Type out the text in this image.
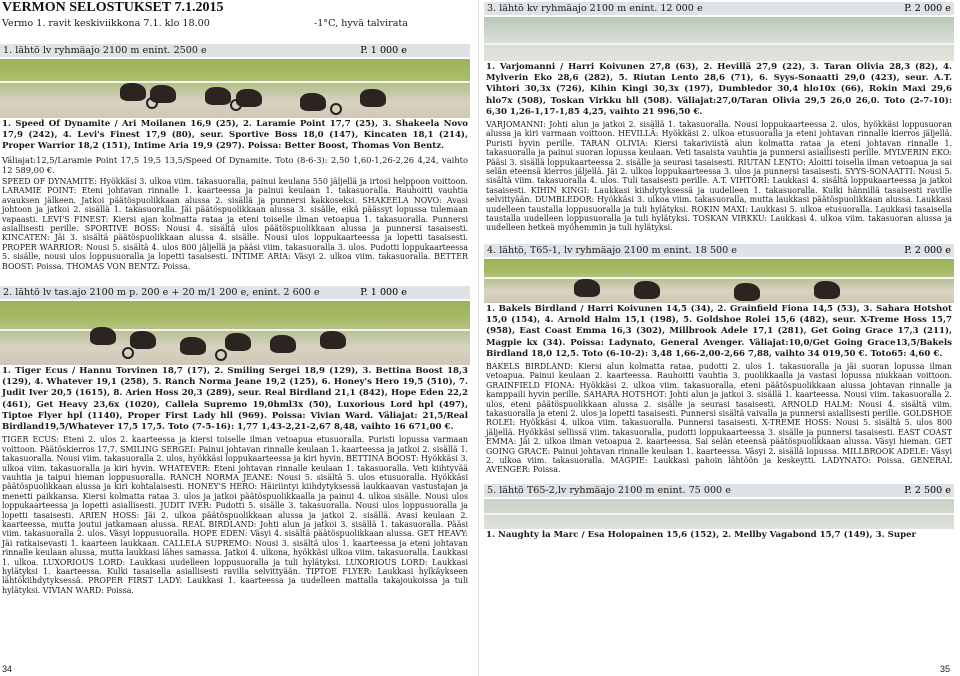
VERMON SELOSTUKSET 7.1.2015
Vermo 1. ravit keskiviikkona 7.1. klo 18.00	-1°C, hyvä talvirata
1. lähtö lv ryhmäajo 2100 m enint. 2500 e	P. 1 000 e
1. Speed Of Dynamite / Ari Moilanen 16,9 (25), 2. Laramie Point 17,7 (25), 3. Shakeela Novo 17,9 (242), 4. Levi's Finest 17,9 (80), seur. Sportive Boss 18,0 (147), Kincaten 18,1 (214), Proper Warrior 18,2 (151), Intime Aria 19,9 (297). Poissa: Better Boost, Thomas Von Bentz.
Väliajat:12,5/Laramie Point 17,5 19,5 13,5/Speed Of Dynamite. Toto (8-6-3): 2,50 1,60-1,26-2,26 4,24, vaihto 12 589,00 €.
SPEED OF DYNAMITE: Hyökkäsi 3. ulkoa viim. takasuoralla, painui keulana 550 jäljellä ja irtosi helppoon voittoon. LARAMIE POINT: Eteni johtavan rinnalle 1. kaarteessa ja painui keulaan 1. takasuoralla. Rauhoitti vauhtia avauksen jälkeen. Jatkoi päätöspuolikkaan alussa 2. sisällä ja punnersi kakkoseksi. SHAKEELA NOVO: Avasi johtoon ja jatkoi 2. sisällä 1. takasuoralla. Jäi päätöspuolikkaan alussa 3. sisälle, eikä päässyt lopussa tulemaan vapaasti. LEVI'S FINEST: Kiersi ajan kolmatta rataa ja eteni toiselle ilman vetoapua 1. takasuoralla. Punnersi asiallisesti perille. SPORTIVE BOSS: Nousi 4. sisältä ulos päätöspuolikkaan alussa ja punnersi tasaisesti. KINCATEN: Jäi 3. sisältä päätöspuolikkaan alussa 4. sisälle. Nousi ulos loppukaarteessa ja lopetti tasaisesti. PROPER WARRIOR: Nousi 5. sisältä 4. ulos 800 jäljellä ja pääsi viim. takasuoralla 3. ulos. Pudotti loppukaarteessa 5. sisälle, nousi ulos loppusuoralla ja lopetti tasaisesti. INTIME ARIA: Väsyi 2. ulkoa viim. takasuoralla. BETTER BOOST: Poissa. THOMAS VON BENTZ: Poissa.
2. lähtö lv tas.ajo 2100 m p. 200 e + 20 m/1 200 e, enint. 2 600 e	P. 1 000 e
1. Tiger Ecus / Hannu Torvinen 18,7 (17), 2. Smiling Sergei 18,9 (129), 3. Bettina Boost 18,3 (129), 4. Whatever 19,1 (258), 5. Ranch Norma Jeane 19,2 (125), 6. Honey's Hero 19,5 (510), 7. Judit Iver 20,5 (1615), 8. Arien Hoss 20,3 (289), seur. Real Birdland 21,1 (842), Hope Eden 22,2 (461), Get Heavy 23,6x (1020), Callela Supremo 19,0hml3x (50), Luxorious Lord hpl (497), Tiptoe Flyer hpl (1140), Proper First Lady hll (969). Poissa: Vivian Ward. Väliajat: 21,5/Real Birdland19,5/Whatever 17,5 17,5. Toto (7-5-16): 1,77 1,43-2,21-2,67 8,48, vaihto 16 671,00 €.
TIGER ECUS: Eteni 2. ulos 2. kaarteessa ja kiersi toiselle ilman vetoapua etusuoralla. Puristi lopussa varmaan voittoon. Päätöskierros 17,7. SMILING SERGEI: Painui johtavan rinnalle keulaan 1. kaarteessa ja jatkoi 2. sisällä 1. takasuoralla. Nousi viim. takasuoralla 2. ulos, hyökkäsi loppukaarteessa ja kiri hyvin. BETTINA BOOST: Hyökkäsi 3. ulkoa viim. takasuoralla ja kiri hyvin. WHATEVER: Eteni johtavan rinnalle keulaan 1. takasuoralla. Veti kiihtyvää vauhtia ja taipui hieman loppusuoralla. RANCH NORMA JEANE: Nousi 5. sisältä 5. ulos etusuoralla. Hyökkäsi päätöspuolikkaan alussa ja kiri kohtalaisesti. HONEY'S HERO: Häiriintyi kiihdytyksessä laukkaavan vastustajan ja menetti paikkansa. Kiersi kolmatta rataa 3. ulos ja jatkoi päätöspuolikkaalla ja painui 4. ulkoa sisälle. Nousi ulos loppukaarteessa ja lopetti asiallisesti. JUDIT IVER: Pudotti 5. sisälle 3. takasuoralla. Nousi ulos loppusuoralla ja lopetti tasaisesti. ARIEN HOSS: Jäi 2. ulkoa päätöspuolikkaan alussa ja jatkoi 2. sisällä. Avasi keulaan 2. kaarteessa, mutta joutui jatkamaan alussa. REAL BIRDLAND: Johti alun ja jatkoi 3. sisällä 1. takasuoralla. Pääsi viim. takasuoralla 2. ulos. Väsyi loppusuoralla. HOPE EDEN: Väsyi 4. sisältä päätöspuolikkaan alussa. GET HEAVY: Jäi ratkaisevasti 1. kaarteen laukkaan. CALLELA SUPREMO: Nousi 3. sisältä ulos 1. kaarteessa ja eteni johtavan rinnalle keulaan alussa, mutta laukkasi lähes samassa. Jatkoi 4. ulkona, hyökkäsi ulkoa viim. takasuoralla. Laukkasi 1. ulkoa. LUXORIOUS LORD: Laukkasi uudelleen loppusuoralla ja tuli hylätyksi. LUXORIOUS LORD: Laukkasi hylätyksi 1. kaarteessa. Kulki tasaisella asiallisesti ravilla selvittyään. TIPTOE FLYER: Laukkasi hylkäykseen lähtökiihdytyksessä. PROPER FIRST LADY: Laukkasi 1. kaarteessa ja uudelleen mattalla takajoukoissa ja tuli hylätyksi. VIVIAN WARD: Poissa.
34
3. lähtö kv ryhmäajo 2100 m enint. 12 000 e	P. 2 000 e
1. Varjomanni / Harri Koivunen 27,8 (63), 2. Hevillä 27,9 (22), 3. Taran Olivia 28,3 (82), 4. Mylverin Eko 28,6 (282), 5. Riutan Lento 28,6 (71), 6. Syys-Sonaatti 29,0 (423), seur. A.T. Vihtori 30,3x (726), Kihin Kingi 30,3x (197), Dumbledor 30,4 hlo10x (66), Rokin Maxi 29,6 hlo7x (508), Toskan Virkku hll (508). Väliajat:27,0/Taran Olivia 29,5 26,0 26,0. Toto (2-7-10): 6,30 1,26-1,17-1,85 4,25, vaihto 21 996,50 €.
VARJOMANNI: Johti alun ja jatkoi 2. sisällä 1. takasuoralla. Nousi loppukaarteessa 2. ulos, hyökkäsi loppusuoran alussa ja kiri varmaan voittoon. HEVILLÄ: Hyökkäsi 2. ulkoa etusuoralla ja eteni johtavan rinnalle kierros jäljellä. Puristi hyvin perille. TARAN OLIVIA: Kiersi takariviistä alun kolmatta rataa ja eteni johtavan rinnalle 1. takasuoralla ja painui suoran lopussa keulaan. Veti tasaista vauhtia ja punnersi asiallisesti perille. MYLVERIN EKO: Pääsi 3. sisällä loppukaarteessa 2. sisälle ja seurasi tasaisesti. RIUTAN LENTO: Aloitti toisella ilman vetoapua ja sai selän eteensä kierros jäljellä. Jäi 2. ulkoa loppukaarteessa 3. ulos ja punnersi tasaisesti. SYYS-SONAATTI: Nousi 5. sisältä viim. takasuoralla 4. ulos. Tuli tasaisesti perille. A.T. VIHTORI: Laukkasi 4. sisältä loppukaarteessa ja jatkoi tasaisesti. KIHIN KINGI: Laukkasi kiihdytyksessä ja uudelleen 1. takasuoralla. Kulki hännillä tasaisesti raville selvittyään. DUMBLEDOR: Hyökkäsi 3. ulkoa viim. takasuoralla, mutta laukkasi päätöspuolikkaan alussa. Laukkasi uudelleen taustalla loppusuoralla ja tuli hylätyksi. ROKIN MAXI: Laukkasi 5. ulkoa etusuoralla. Laukkasi tasaisella taustalla uudelleen loppusuoralla ja tuli hylätyksi. TOSKAN VIRKKU: Laukkasi 4. ulkoa viim. takasuoran alussa ja uudelleen hetkeä myöhemmin ja tuli hylätyksi.
4. lähtö, T65-1, lv ryhmäajo 2100 m enint. 18 500 e	P. 2 000 e
1. Bakels Birdland / Harri Koivunen 14,5 (34), 2. Grainfield Fiona 14,5 (53), 3. Sahara Hotshot 15,0 (154), 4. Arnold Halm 15,1 (198), 5. Goldshoe Rolei 15,6 (482), seur. X-Treme Hoss 15,7 (958), East Coast Emma 16,3 (302), Millbrook Adele 17,1 (281), Get Going Grace 17,3 (211), Magpie kx (34). Poissa: Ladynato, General Avenger. Väliajat:10,0/Get Going Grace13,5/Bakels Birdland 18,0 12,5. Toto (6-10-2): 3,48 1,66-2,00-2,66 7,88, vaihto 34 019,50 €. Toto65: 4,60 €.
BAKELS BIRDLAND: Kiersi alun kolmatta rataa, pudotti 2. ulos 1. takasuoralla ja jäi suoran lopussa ilman vetoapua. Painui keulaan 2. kaarteessa. Rauhoitti vauhtia 3. puolikkaalla ja vastasi lopussa niukkaan voittoon. GRAINFIELD FIONA: Hyökkäsi 2. ulkoa viim. takasuoralla, eteni päätöspuolikkaan alussa johtavan rinnalle ja kamppaili hyvin perille. SAHARA HOTSHOT: Johti alun ja jatkoi 3. sisällä 1. kaarteessa. Nousi viim. takasuoralla 2. ulos, eteni päätöspuolikkaan alussa 2. sisälle ja seurasi tasaisesti. ARNOLD HALM: Nousi 4. sisältä viim. takasuoralla ja eteni 2. ulos ja lopetti tasaisesti. Punnersi sisältä vaivalla ja punnersi asiallisesti perille. GOLDSHOE ROLEI: Hyökkäsi 4. ulkoa viim. takasuoralla. Punnersi tasaisesti. X-TREME HOSS: Nousi 5. sisältä 5. ulos 800 jäljellä. Hyökkäsi sellissä viim. takasuoralla, pudotti loppukaarteessa 3. sisälle ja punnersi tasaisesti. EAST COAST EMMA: Jäi 2. ulkoa ilman vetoapua 2. kaarteessa. Sai selän eteensä päätöspuolikkaan alussa. Väsyi hieman. GET GOING GRACE: Painui johtavan rinnalle keulaan 1. kaarteessa. Väsyi 2. sisällä lopussa. MILLBROOK ADELE: Väsyi 2. ulkoa viim. takasuoralla. MAGPIE: Laukkasi pahoin lähtöön ja keskeytti. LADYNATO: Poissa. GENERAL AVENGER: Poissa.
5. lähtö T65-2,lv ryhmäajo 2100 m enint. 75 000 e	P. 2 500 e
1. Naughty la Marc / Esa Holopainen 15,6 (152), 2. Mellby Vagabond 15,7 (149), 3. Super
35
